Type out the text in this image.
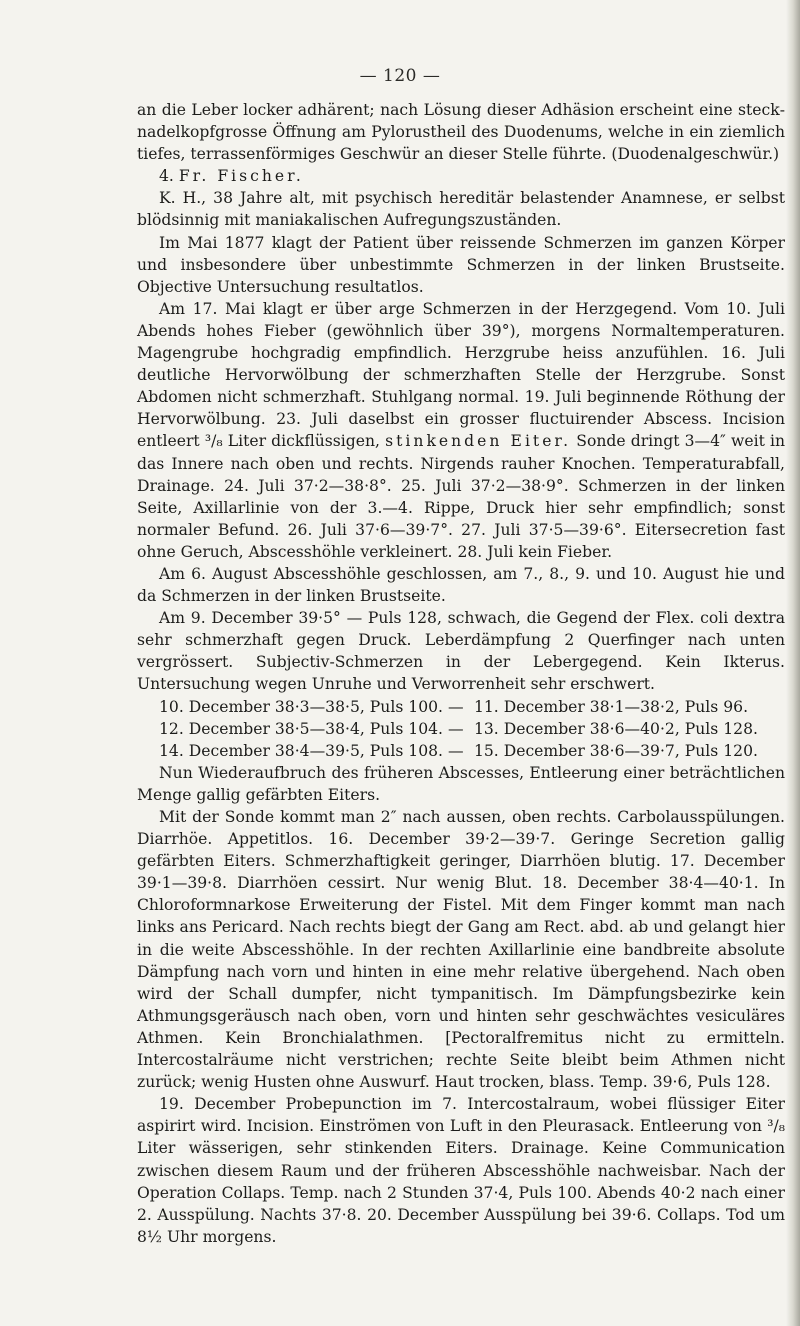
— 120 —

an die Leber locker adhärent; nach Lösung dieser Adhäsion erscheint eine stecknadelkopfgrosse Öffnung am Pylorustheil des Duodenums, welche in ein ziemlich tiefes, terrassenförmiges Geschwür an dieser Stelle führte. (Duodenalgeschwür.)

4. Fr. Fischer.

K. H., 38 Jahre alt, mit psychisch hereditär belastender Anamnese, er selbst blödsinnig mit maniakalischen Aufregungszuständen.

Im Mai 1877 klagt der Patient über reissende Schmerzen im ganzen Körper und insbesondere über unbestimmte Schmerzen in der linken Brustseite. Objective Untersuchung resultatlos.

Am 17. Mai klagt er über arge Schmerzen in der Herzgegend. Vom 10. Juli Abends hohes Fieber (gewöhnlich über 39°), morgens Normaltemperaturen. Magengrube hochgradig empfindlich. Herzgrube heiss anzufühlen. 16. Juli deutliche Hervorwölbung der schmerzhaften Stelle der Herzgrube. Sonst Abdomen nicht schmerzhaft. Stuhlgang normal. 19. Juli beginnende Röthung der Hervorwölbung. 23. Juli daselbst ein grosser fluctuirender Abscess. Incision entleert ³/₈ Liter dickflüssigen, stinkenden Eiter. Sonde dringt 3—4″ weit in das Innere nach oben und rechts. Nirgends rauher Knochen. Temperaturabfall, Drainage. 24. Juli 37·2—38·8°. 25. Juli 37·2—38·9°. Schmerzen in der linken Seite, Axillarlinie von der 3.—4. Rippe, Druck hier sehr empfindlich; sonst normaler Befund. 26. Juli 37·6—39·7°. 27. Juli 37·5—39·6°. Eitersecretion fast ohne Geruch, Abscesshöhle verkleinert. 28. Juli kein Fieber.

Am 6. August Abscesshöhle geschlossen, am 7., 8., 9. und 10. August hie und da Schmerzen in der linken Brustseite.

Am 9. December 39·5° — Puls 128, schwach, die Gegend der Flex. coli dextra sehr schmerzhaft gegen Druck. Leberdämpfung 2 Querfinger nach unten vergrössert. Subjectiv-Schmerzen in der Lebergegend. Kein Ikterus. Untersuchung wegen Unruhe und Verworrenheit sehr erschwert.

10. December 38·3—38·5, Puls 100. —	11. December 38·1—38·2, Puls 96.
12. December 38·5—38·4, Puls 104. —	13. December 38·6—40·2, Puls 128.
14. December 38·4—39·5, Puls 108. —	15. December 38·6—39·7, Puls 120.

Nun Wiederaufbruch des früheren Abscesses, Entleerung einer beträchtlichen Menge gallig gefärbten Eiters.

Mit der Sonde kommt man 2″ nach aussen, oben rechts. Carbolausspülungen. Diarrhöe. Appetitlos. 16. December 39·2—39·7. Geringe Secretion gallig gefärbten Eiters. Schmerzhaftigkeit geringer, Diarrhöen blutig. 17. December 39·1—39·8. Diarrhöen cessirt. Nur wenig Blut. 18. December 38·4—40·1. In Chloroformnarkose Erweiterung der Fistel. Mit dem Finger kommt man nach links ans Pericard. Nach rechts biegt der Gang am Rect. abd. ab und gelangt hier in die weite Abscesshöhle. In der rechten Axillarlinie eine bandbreite absolute Dämpfung nach vorn und hinten in eine mehr relative übergehend. Nach oben wird der Schall dumpfer, nicht tympanitisch. Im Dämpfungsbezirke kein Athmungsgeräusch nach oben, vorn und hinten sehr geschwächtes vesiculäres Athmen. Kein Bronchialathmen. [Pectoralfremitus nicht zu ermitteln. Intercostalräume nicht verstrichen; rechte Seite bleibt beim Athmen nicht zurück; wenig Husten ohne Auswurf. Haut trocken, blass. Temp. 39·6, Puls 128.

19. December Probepunction im 7. Intercostalraum, wobei flüssiger Eiter aspirirt wird. Incision. Einströmen von Luft in den Pleurasack. Entleerung von ³/₈ Liter wässerigen, sehr stinkenden Eiters. Drainage. Keine Communication zwischen diesem Raum und der früheren Abscesshöhle nachweisbar. Nach der Operation Collaps. Temp. nach 2 Stunden 37·4, Puls 100. Abends 40·2 nach einer 2. Ausspülung. Nachts 37·8. 20. December Ausspülung bei 39·6. Collaps. Tod um 8½ Uhr morgens.
